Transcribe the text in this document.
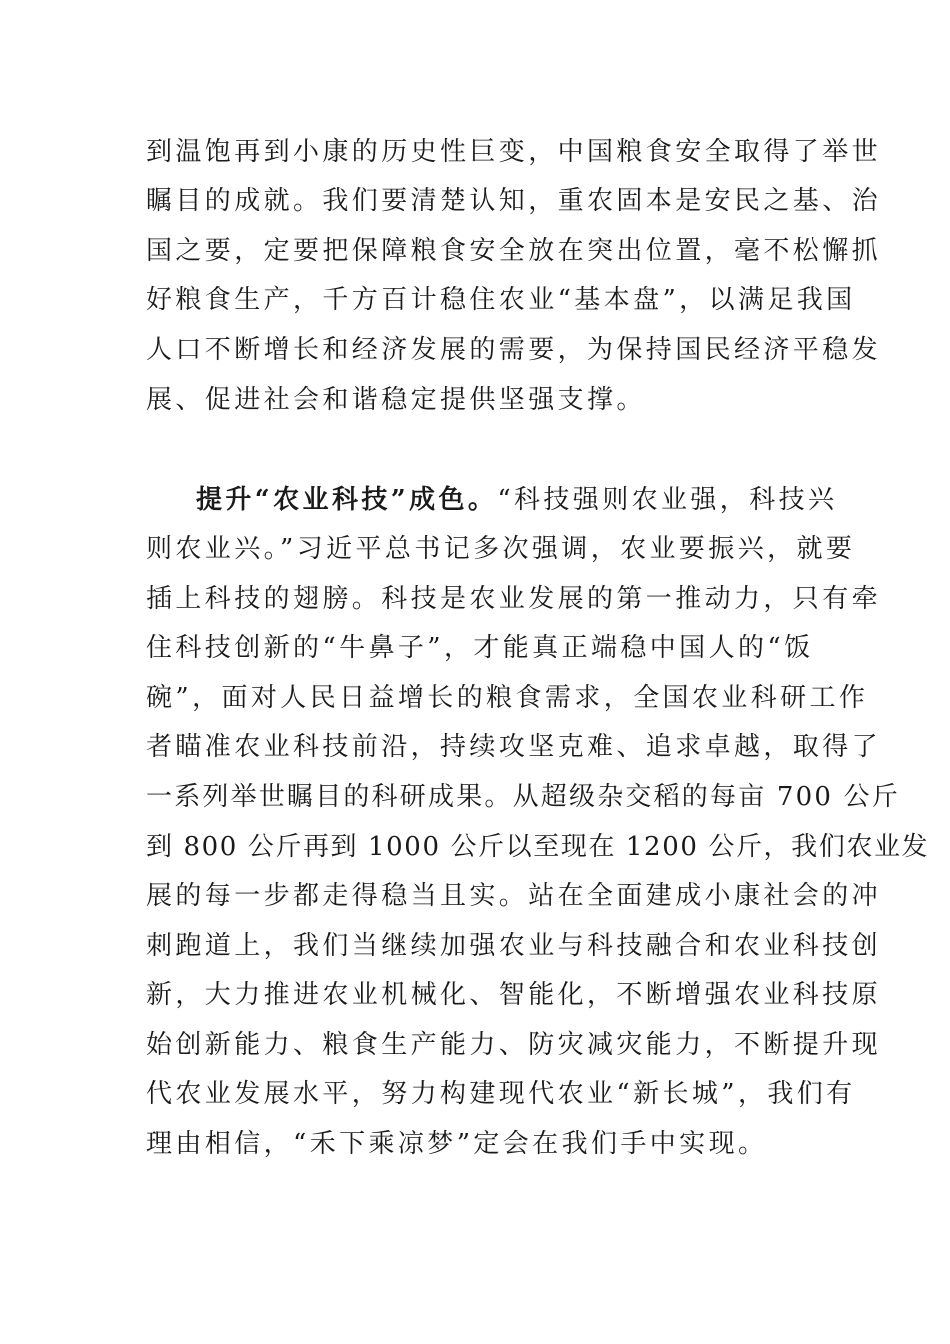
到温饱再到小康的历史性巨变，中国粮食安全取得了举世
瞩目的成就。我们要清楚认知，重农固本是安民之基、治
国之要，定要把保障粮食安全放在突出位置，毫不松懈抓
好粮食生产，千方百计稳住农业“基本盘”，以满足我国
人口不断增长和经济发展的需要，为保持国民经济平稳发
展、促进社会和谐稳定提供坚强支撑。
提升“农业科技”成色。“科技强则农业强，科技兴
则农业兴。”习近平总书记多次强调，农业要振兴，就要
插上科技的翅膀。科技是农业发展的第一推动力，只有牵
住科技创新的“牛鼻子”，才能真正端稳中国人的“饭
碗”，面对人民日益增长的粮食需求，全国农业科研工作
者瞄准农业科技前沿，持续攻坚克难、追求卓越，取得了
一系列举世瞩目的科研成果。从超级杂交稻的每亩 700 公斤
到 800 公斤再到 1000 公斤以至现在 1200 公斤，我们农业发
展的每一步都走得稳当且实。站在全面建成小康社会的冲
刺跑道上，我们当继续加强农业与科技融合和农业科技创
新，大力推进农业机械化、智能化，不断增强农业科技原
始创新能力、粮食生产能力、防灾减灾能力，不断提升现
代农业发展水平，努力构建现代农业“新长城”，我们有
理由相信，“禾下乘凉梦”定会在我们手中实现。
